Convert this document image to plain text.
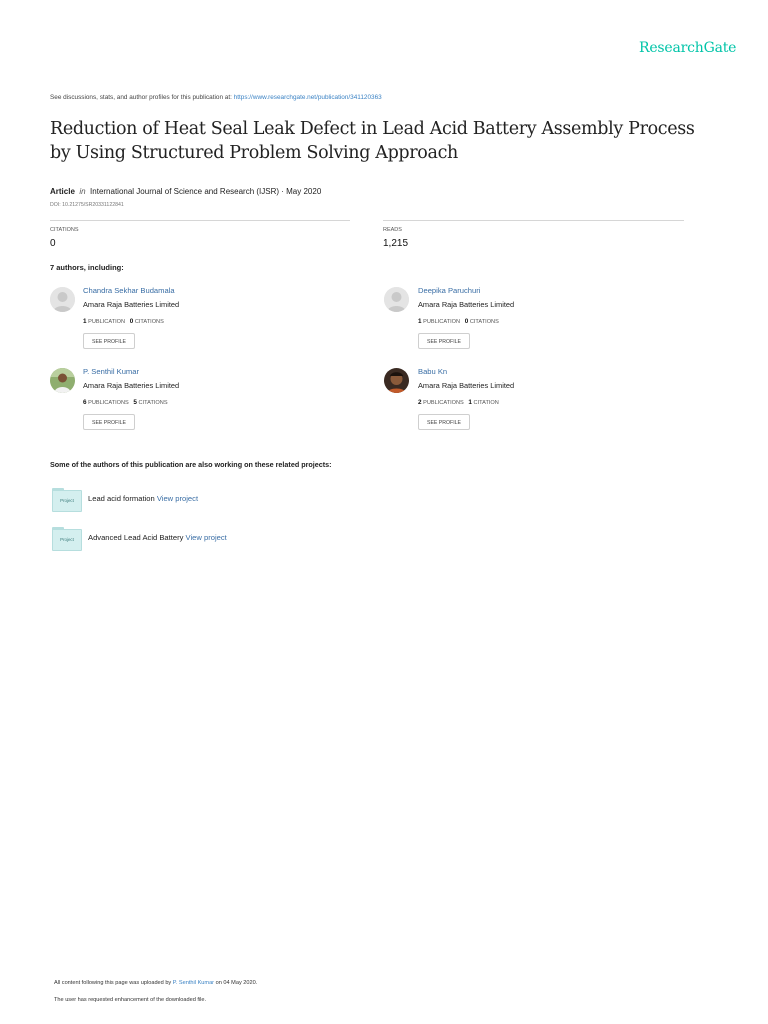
ResearchGate
See discussions, stats, and author profiles for this publication at: https://www.researchgate.net/publication/341120363
Reduction of Heat Seal Leak Defect in Lead Acid Battery Assembly Process by Using Structured Problem Solving Approach
Article in International Journal of Science and Research (IJSR) · May 2020
DOI: 10.21275/SR20331122841
CITATIONS
0
READS
1,215
7 authors, including:
Chandra Sekhar Budamala
Amara Raja Batteries Limited
1 PUBLICATION 0 CITATIONS
SEE PROFILE
Deepika Paruchuri
Amara Raja Batteries Limited
1 PUBLICATION 0 CITATIONS
SEE PROFILE
P. Senthil Kumar
Amara Raja Batteries Limited
6 PUBLICATIONS 5 CITATIONS
SEE PROFILE
Babu Kn
Amara Raja Batteries Limited
2 PUBLICATIONS 1 CITATION
SEE PROFILE
Some of the authors of this publication are also working on these related projects:
Project	Lead acid formation View project
Project	Advanced Lead Acid Battery View project
All content following this page was uploaded by P. Senthil Kumar on 04 May 2020.
The user has requested enhancement of the downloaded file.
